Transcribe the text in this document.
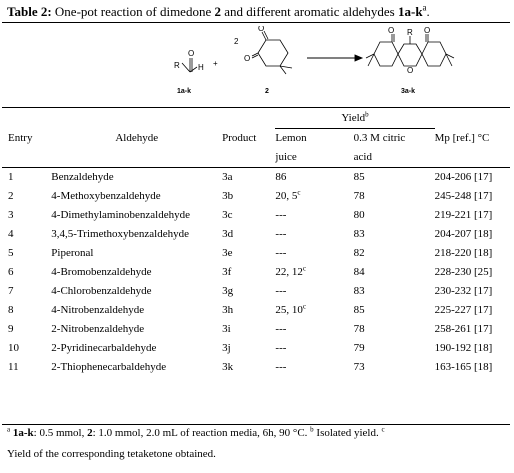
Table 2: One-pot reaction of dimedone 2 and different aromatic aldehydes $1a-k^a$.
O
R H
1a-k
+
2
O
O
2
O	O
R
O
3a-k
			Yield$^b$	
Entry	Aldehyde	Product	Lemon	0.3 M citric	Mp [ref.] °C
			juice	acid	
1	Benzaldehyde	3a	86	85	204-206 [17]
2	4-Methoxybenzaldehyde	3b	20, 5$^c$	78	245-248 [17]
3	4-Dimethylaminobenzaldehyde	3c	---	80	219-221 [17]
4	3,4,5-Trimethoxybenzaldehyde	3d	---	83	204-207 [18]
5	Piperonal	3e	---	82	218-220 [18]
6	4-Bromobenzaldehyde	3f	22, 12$^c$	84	228-230 [25]
7	4-Chlorobenzaldehyde	3g	---	83	230-232 [17]
8	4-Nitrobenzaldehyde	3h	25, 10$^c$	85	225-227 [17]
9	2-Nitrobenzaldehyde	3i	---	78	258-261 [17]
10	2-Pyridinecarbaldehyde	3j	---	79	190-192 [18]
11	2-Thiophenecarbaldehyde	3k	---	73	163-165 [18]
$^a$ 1a-k: 0.5 mmol, 2: 1.0 mmol, 2.0 mL of reaction media, 6h, 90 °C. $^b$ Isolated yield. $^c$
Yield of the corresponding tetaketone obtained.
